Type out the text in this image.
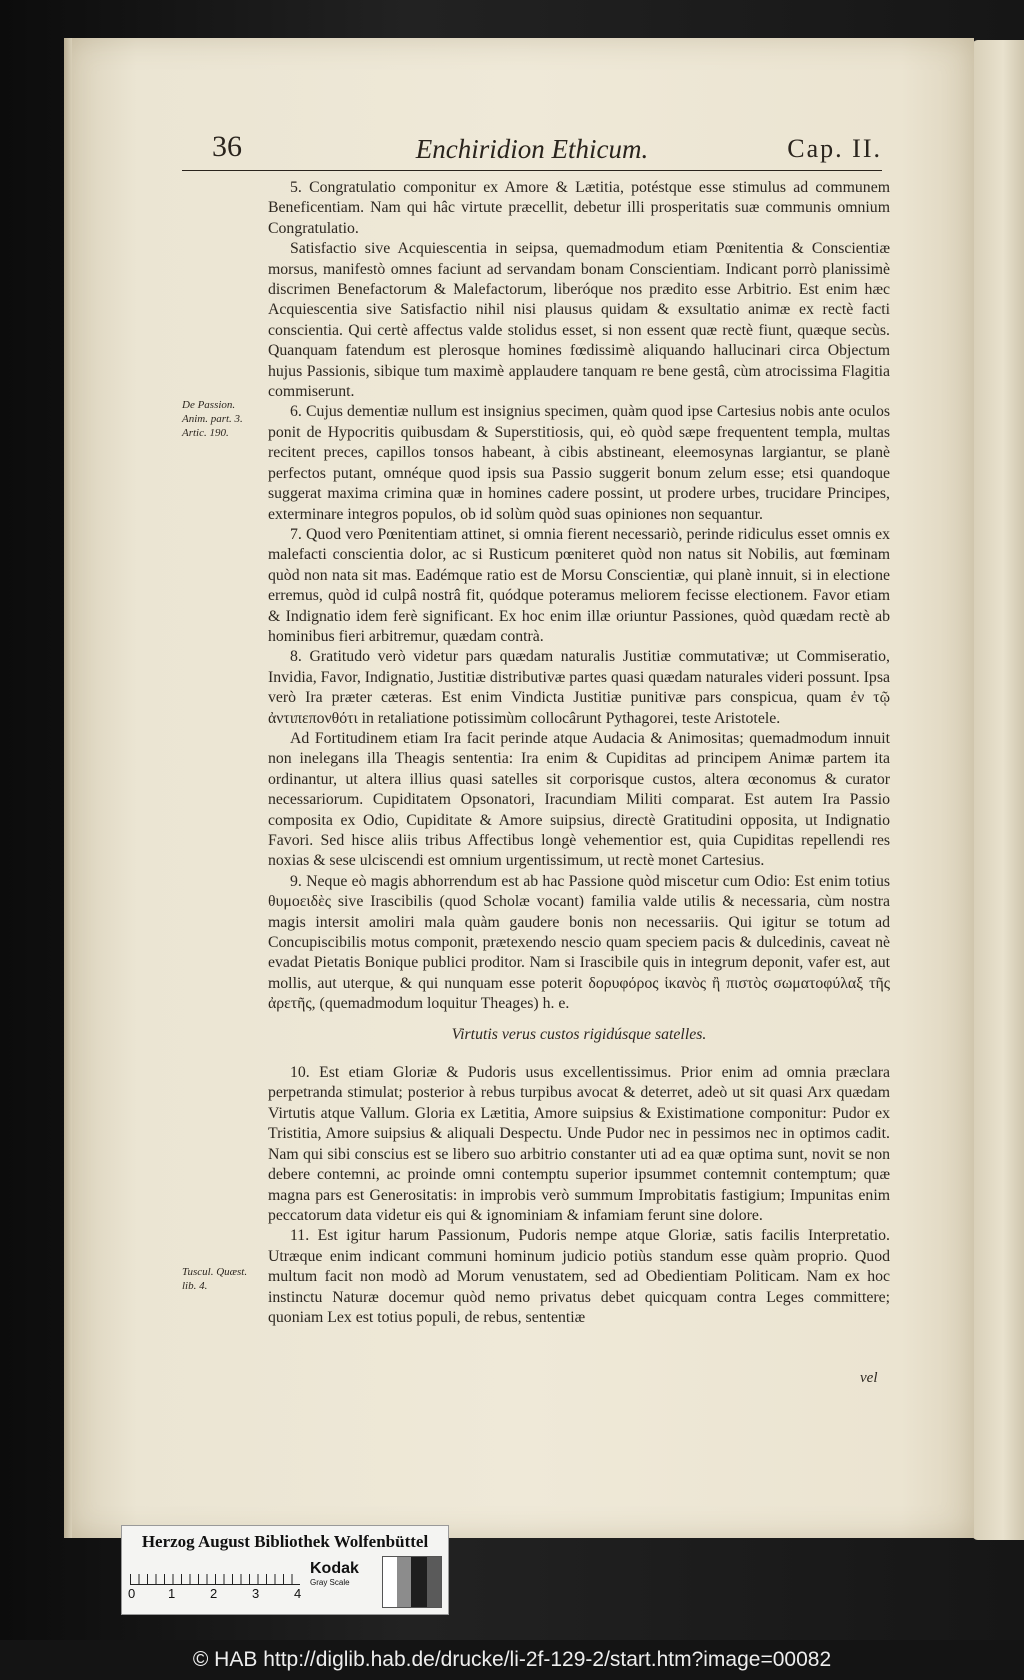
36	Enchiridion Ethicum.	Cap. II.

5. Congratulatio componitur ex Amore & Lætitia, potéstque esse stimulus ad communem Beneficentiam. Nam qui hâc virtute præcellit, debetur illi prosperitatis suæ communis omnium Congratulatio.

Satisfactio sive Acquiescentia in seipsa, quemadmodum etiam Pœnitentia & Conscientiæ morsus, manifestò omnes faciunt ad servandam bonam Conscientiam. Indicant porrò planissimè discrimen Benefactorum & Malefactorum, liberóque nos prædito esse Arbitrio. Est enim hæc Acquiescentia sive Satisfactio nihil nisi plausus quidam & exsultatio animæ ex rectè facti conscientia. Qui certè affectus valde stolidus esset, si non essent quæ rectè fiunt, quæque secùs. Quanquam fatendum est plerosque homines fœdissimè aliquando hallucinari circa Objectum hujus Passionis, sibique tum maximè applaudere tanquam re bene gestâ, cùm atrocissima Flagitia commiserunt.

6. Cujus dementiæ nullum est insignius specimen, quàm quod ipse Cartesius nobis ante oculos ponit de Hypocritis quibusdam & Superstitiosis, qui, eò quòd sæpe frequentent templa, multas recitent preces, capillos tonsos habeant, à cibis abstineant, eleemosynas largiantur, se planè perfectos putant, omnéque quod ipsis sua Passio suggerit bonum zelum esse; etsi quandoque suggerat maxima crimina quæ in homines cadere possint, ut prodere urbes, trucidare Principes, exterminare integros populos, ob id solùm quòd suas opiniones non sequantur.

7. Quod vero Pœnitentiam attinet, si omnia fierent necessariò, perinde ridiculus esset omnis ex malefacti conscientia dolor, ac si Rusticum pœniteret quòd non natus sit Nobilis, aut fœminam quòd non nata sit mas. Eadémque ratio est de Morsu Conscientiæ, qui planè innuit, si in electione erremus, quòd id culpâ nostrâ fit, quódque poteramus meliorem fecisse electionem. Favor etiam & Indignatio idem ferè significant. Ex hoc enim illæ oriuntur Passiones, quòd quædam rectè ab hominibus fieri arbitremur, quædam contrà.

8. Gratitudo verò videtur pars quædam naturalis Justitiæ commutativæ; ut Commiseratio, Invidia, Favor, Indignatio, Justitiæ distributivæ partes quasi quædam naturales videri possunt. Ipsa verò Ira præter cæteras. Est enim Vindicta Justitiæ punitivæ pars conspicua, quam ἐν τῷ ἀντιπεπονθότι in retaliatione potissimùm collocârunt Pythagorei, teste Aristotele.

Ad Fortitudinem etiam Ira facit perinde atque Audacia & Animositas; quemadmodum innuit non inelegans illa Theagis sententia: Ira enim & Cupiditas ad principem Animæ partem ita ordinantur, ut altera illius quasi satelles sit corporisque custos, altera œconomus & curator necessariorum. Cupiditatem Opsonatori, Iracundiam Militi comparat. Est autem Ira Passio composita ex Odio, Cupiditate & Amore suipsius, directè Gratitudini opposita, ut Indignatio Favori. Sed hisce aliis tribus Affectibus longè vehementior est, quia Cupiditas repellendi res noxias & sese ulciscendi est omnium urgentissimum, ut rectè monet Cartesius.

9. Neque eò magis abhorrendum est ab hac Passione quòd miscetur cum Odio: Est enim totius θυμοειδὲς sive Irascibilis (quod Scholæ vocant) familia valde utilis & necessaria, cùm nostra magis intersit amoliri mala quàm gaudere bonis non necessariis. Qui igitur se totum ad Concupiscibilis motus componit, prætexendo nescio quam speciem pacis & dulcedinis, caveat nè evadat Pietatis Bonique publici proditor. Nam si Irascibile quis in integrum deponit, vafer est, aut mollis, aut uterque, & qui nunquam esse poterit δορυφόρος ἱκανὸς ἢ πιστὸς σωματοφύλαξ τῆς ἀρετῆς, (quemadmodum loquitur Theages) h. e.

Virtutis verus custos rigidúsque satelles.

10. Est etiam Gloriæ & Pudoris usus excellentissimus. Prior enim ad omnia præclara perpetranda stimulat; posterior à rebus turpibus avocat & deterret, adeò ut sit quasi Arx quædam Virtutis atque Vallum. Gloria ex Lætitia, Amore suipsius & Existimatione componitur: Pudor ex Tristitia, Amore suipsius & aliquali Despectu. Unde Pudor nec in pessimos nec in optimos cadit. Nam qui sibi conscius est se libero suo arbitrio constanter uti ad ea quæ optima sunt, novit se non debere contemni, ac proinde omni contemptu superior ipsummet contemnit contemptum; quæ magna pars est Generositatis: in improbis verò summum Improbitatis fastigium; Impunitas enim peccatorum data videtur eis qui & ignominiam & infamiam ferunt sine dolore.

11. Est igitur harum Passionum, Pudoris nempe atque Gloriæ, satis facilis Interpretatio. Utræque enim indicant communi hominum judicio potiùs standum esse quàm proprio. Quod multum facit non modò ad Morum venustatem, sed ad Obedientiam Politicam. Nam ex hoc instinctu Naturæ docemur quòd nemo privatus debet quicquam contra Leges committere; quoniam Lex est totius populi, de rebus, sententiæ

De Passion. Anim. part. 3. Artic. 190.
Tuscul. Quæst. lib. 4.
vel
Herzog August Bibliothek Wolfenbüttel
0	1	2	3	4
Kodak
Gray Scale
© HAB http://diglib.hab.de/drucke/li-2f-129-2/start.htm?image=00082
